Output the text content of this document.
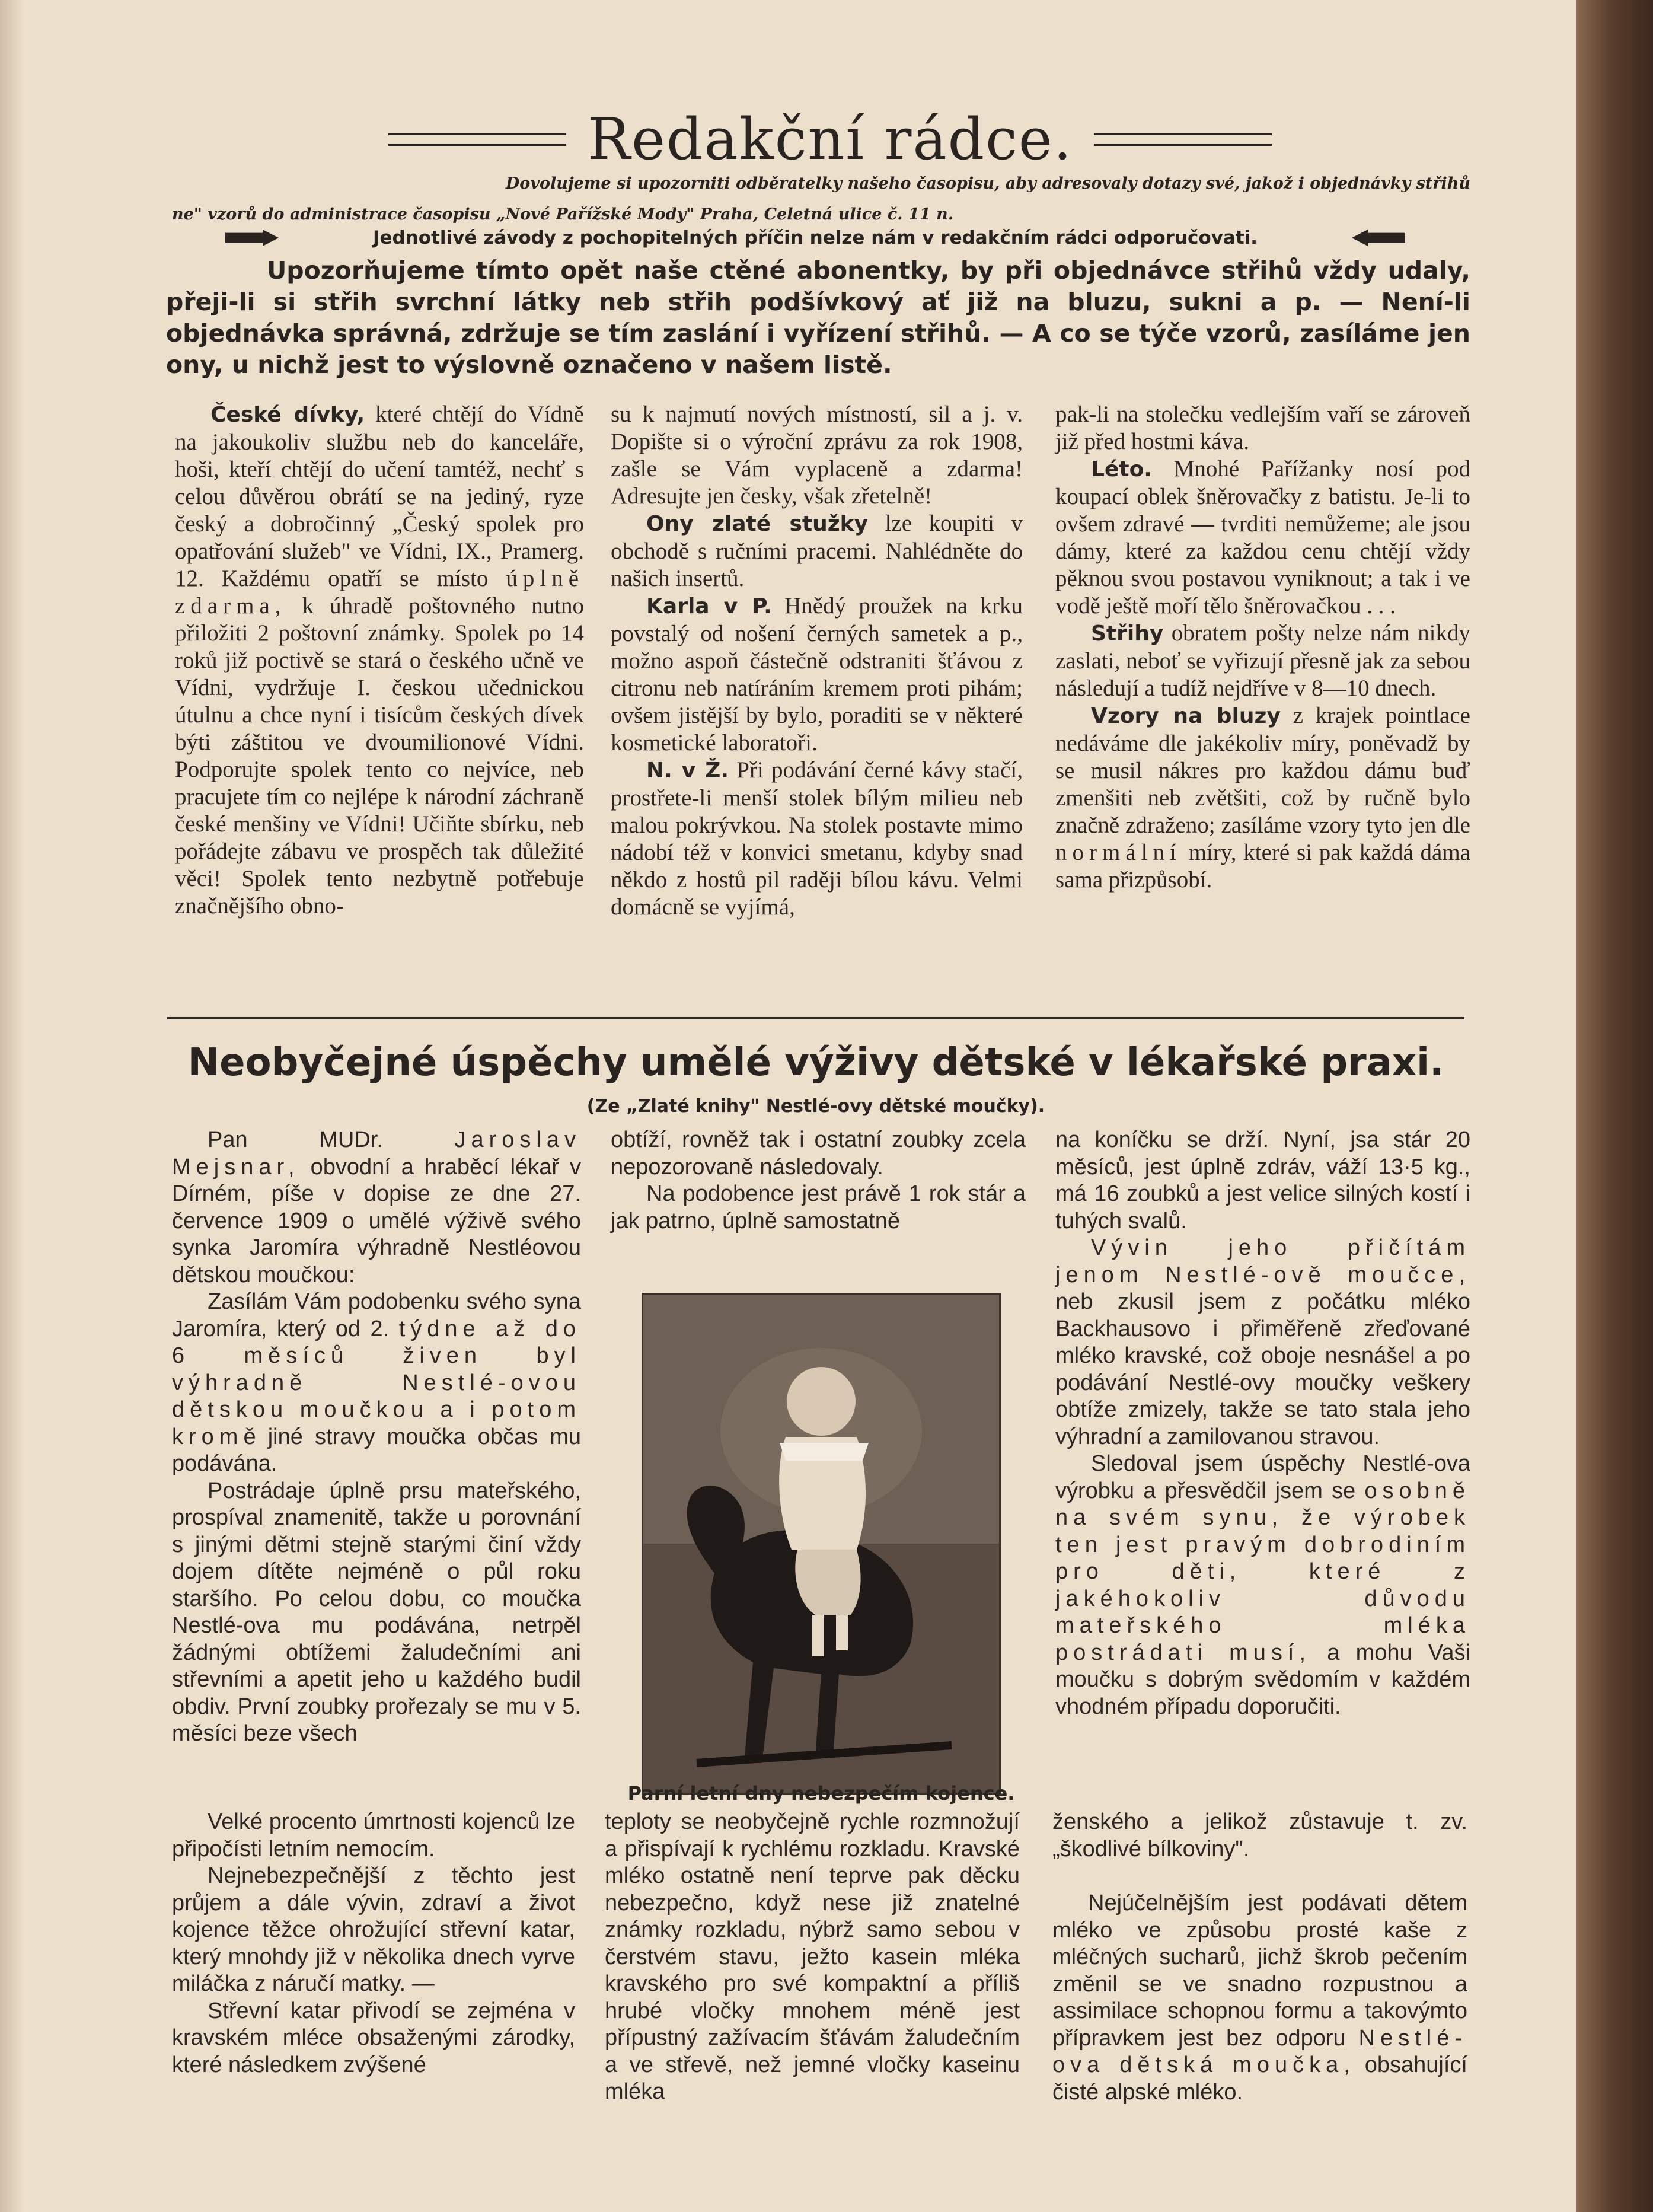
Redakční rádce.
Dovolujeme si upozorniti odběratelky našeho časopisu, aby adresovaly dotazy své, jakož i objednávky střihů
ne" vzorů do administrace časopisu „Nové Pařížské Mody" Praha, Celetná ulice č. 11 n.
Jednotlivé závody z pochopitelných příčin nelze nám v redakčním rádci odporučovati.
Upozorňujeme tímto opět naše ctěné abonentky, by při objednávce střihů vždy udaly, přeji-li si střih svrchní látky neb střih podšívkový ať již na bluzu, sukni a p. — Není-li objednávka správná, zdržuje se tím zaslání i vyřízení střihů. — A co se týče vzorů, zasíláme jen ony, u nichž jest to výslovně označeno v našem listě.

České dívky, které chtějí do Vídně na jakoukoliv službu neb do kanceláře, hoši, kteří chtějí do učení tamtéž, nechť s celou důvěrou obrátí se na jediný, ryze český a dobročinný „Český spolek pro opatřování služeb" ve Vídni, IX., Pramerg. 12. Každému opatří se místo úplně zdarma, k úhradě poštovného nutno přiložiti 2 poštovní známky. Spolek po 14 roků již poctivě se stará o českého učně ve Vídni, vydržuje I. českou učednickou útulnu a chce nyní i tisícům českých dívek býti záštitou ve dvoumilionové Vídni. Podporujte spolek tento co nejvíce, neb pracujete tím co nejlépe k národní záchraně české menšiny ve Vídni! Učiňte sbírku, neb pořádejte zábavu ve prospěch tak důležité věci! Spolek tento nezbytně potřebuje značnějšího obno-

su k najmutí nových místností, sil a j. v. Dopište si o výroční zprávu za rok 1908, zašle se Vám vyplaceně a zdarma! Adresujte jen česky, však zřetelně!

Ony zlaté stužky lze koupiti v obchodě s ručními pracemi. Nahlédněte do našich insertů.

Karla v P. Hnědý proužek na krku povstalý od nošení černých sametek a p., možno aspoň částečně odstraniti šťávou z citronu neb natíráním kremem proti pihám; ovšem jistější by bylo, poraditi se v některé kosmetické laboratoři.

N. v Ž. Při podávání černé kávy stačí, prostřete-li menší stolek bílým milieu neb malou pokrývkou. Na stolek postavte mimo nádobí též v konvici smetanu, kdyby snad někdo z hostů pil raději bílou kávu. Velmi domácně se vyjímá,

pak-li na stolečku vedlejším vaří se zároveň již před hostmi káva.

Léto. Mnohé Pařížanky nosí pod koupací oblek šněrovačky z batistu. Je-li to ovšem zdravé — tvrditi nemůžeme; ale jsou dámy, které za každou cenu chtějí vždy pěknou svou postavou vyniknout; a tak i ve vodě ještě moří tělo šněrovačkou . . .

Střihy obratem pošty nelze nám nikdy zaslati, neboť se vyřizují přesně jak za sebou následují a tudíž nejdříve v 8—10 dnech.

Vzory na bluzy z krajek pointlace nedáváme dle jakékoliv míry, poněvadž by se musil nákres pro každou dámu buď zmenšiti neb zvětšiti, což by ručně bylo značně zdraženo; zasíláme vzory tyto jen dle normální míry, které si pak každá dáma sama přizpůsobí.

Neobyčejné úspěchy umělé výživy dětské v lékařské praxi.
(Ze „Zlaté knihy" Nestlé-ovy dětské moučky).

Pan MUDr. Jaroslav Mejsnar, obvodní a hraběcí lékař v Dírném, píše v dopise ze dne 27. července 1909 o umělé výživě svého synka Jaromíra výhradně Nestléovou dětskou moučkou:

Zasílám Vám podobenku svého syna Jaromíra, který od 2. týdne až do 6 měsíců živen byl výhradně Nestlé-ovou dětskou moučkou a i potom kromě jiné stravy moučka občas mu podávána.

Postrádaje úplně prsu mateřského, prospíval znamenitě, takže u porovnání s jinými dětmi stejně starými činí vždy dojem dítěte nejméně o půl roku staršího. Po celou dobu, co moučka Nestlé-ova mu podávána, netrpěl žádnými obtížemi žaludečními ani střevními a apetit jeho u každého budil obdiv. První zoubky prořezaly se mu v 5. měsíci beze všech

obtíží, rovněž tak i ostatní zoubky zcela nepozorovaně následovaly.

Na podobence jest právě 1 rok stár a jak patrno, úplně samostatně

na koníčku se drží. Nyní, jsa stár 20 měsíců, jest úplně zdráv, váží 13·5 kg., má 16 zoubků a jest velice silných kostí i tuhých svalů.

Vývin jeho přičítám jenom Nestlé-ově moučce, neb zkusil jsem z počátku mléko Backhausovo i přiměřeně zřeďované mléko kravské, což oboje nesnášel a po podávání Nestlé-ovy moučky veškery obtíže zmizely, takže se tato stala jeho výhradní a zamilovanou stravou.

Sledoval jsem úspěchy Nestlé-ova výrobku a přesvědčil jsem se osobně na svém synu, že výrobek ten jest pravým dobrodiním pro děti, které z jakéhokoliv důvodu mateřského mléka postrádati musí, a mohu Vaši moučku s dobrým svědomím v každém vhodném případu doporučiti.

Parní letní dny nebezpečím kojence.

Velké procento úmrtnosti kojenců lze připočísti letním nemocím.

Nejnebezpečnější z těchto jest průjem a dále vývin, zdraví a život kojence těžce ohrožující střevní katar, který mnohdy již v několika dnech vyrve miláčka z náručí matky. —

Střevní katar přivodí se zejména v kravském mléce obsaženými zárodky, které následkem zvýšené

teploty se neobyčejně rychle rozmnožují a přispívají k rychlému rozkladu. Kravské mléko ostatně není teprve pak děcku nebezpečno, když nese již znatelné známky rozkladu, nýbrž samo sebou v čerstvém stavu, ježto kasein mléka kravského pro své kompaktní a příliš hrubé vločky mnohem méně jest přípustný zažívacím šťávám žaludečním a ve střevě, než jemné vločky kaseinu mléka

ženského a jelikož zůstavuje t. zv. „škodlivé bílkoviny".

Nejúčelnějším jest podávati dětem mléko ve způsobu prosté kaše z mléčných sucharů, jichž škrob pečením změnil se ve snadno rozpustnou a assimilace schopnou formu a takovýmto přípravkem jest bez odporu Nestlé-ova dětská moučka, obsahující čisté alpské mléko.
